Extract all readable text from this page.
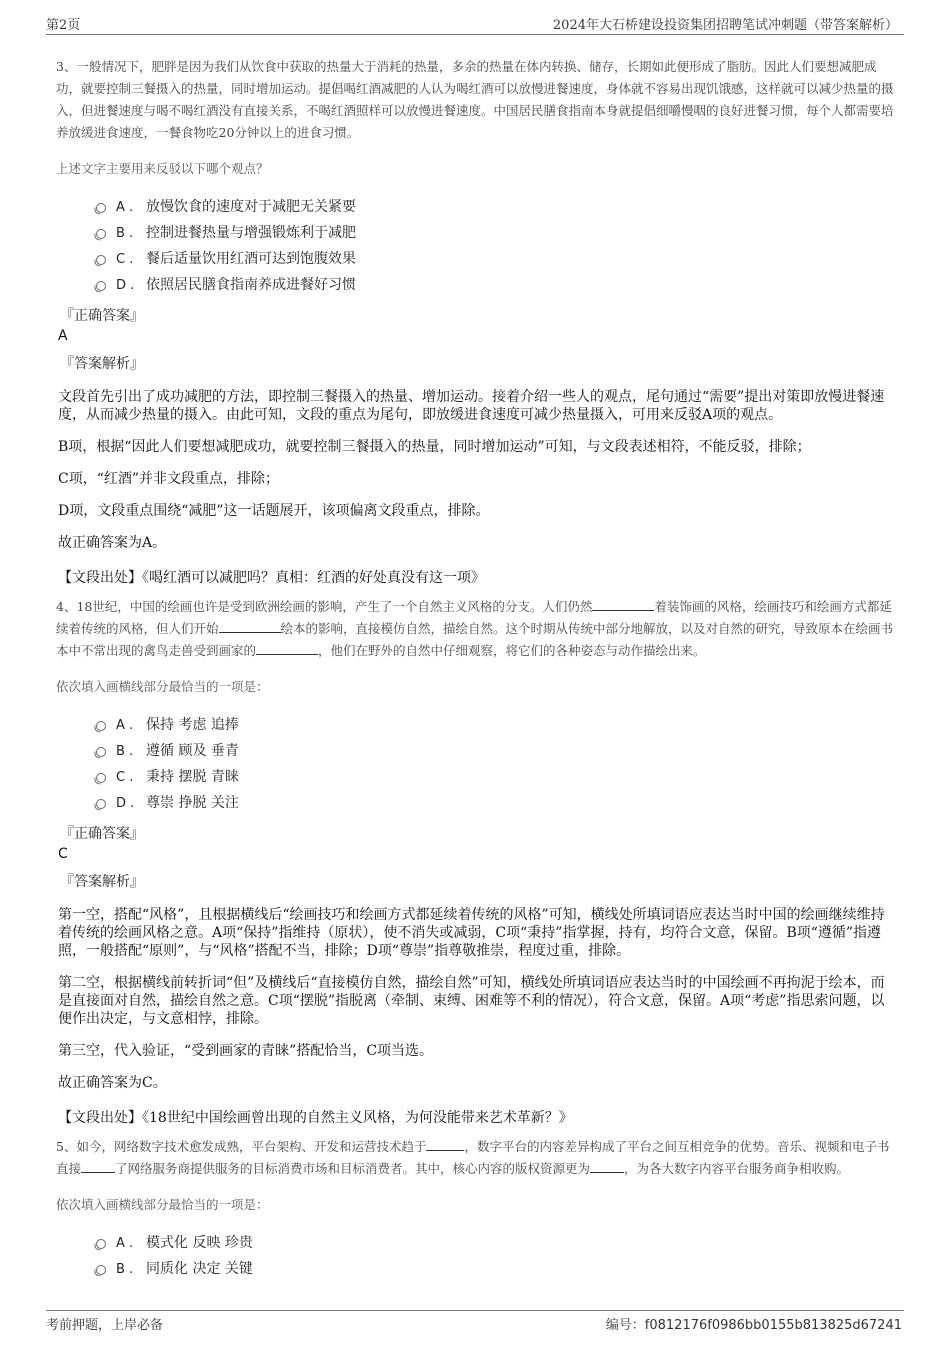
第2页	2024年大石桥建设投资集团招聘笔试冲刺题（带答案解析）

3、一般情况下，肥胖是因为我们从饮食中获取的热量大于消耗的热量，多余的热量在体内转换、储存，长期如此便形成了脂肪。因此人们要想减肥成功，就要控制三餐摄入的热量，同时增加运动。提倡喝红酒减肥的人认为喝红酒可以放慢进餐速度，身体就不容易出现饥饿感，这样就可以减少热量的摄入，但进餐速度与喝不喝红酒没有直接关系，不喝红酒照样可以放慢进餐速度。中国居民膳食指南本身就提倡细嚼慢咽的良好进餐习惯，每个人都需要培养放缓进食速度，一餐食物吃20分钟以上的进食习惯。

上述文字主要用来反驳以下哪个观点？

A . 放慢饮食的速度对于减肥无关紧要
B . 控制进餐热量与增强锻炼利于减肥
C . 餐后适量饮用红酒可达到饱腹效果
D . 依照居民膳食指南养成进餐好习惯
『正确答案』
A
『答案解析』

文段首先引出了成功减肥的方法，即控制三餐摄入的热量、增加运动。接着介绍一些人的观点，尾句通过“需要”提出对策即放慢进餐速度，从而减少热量的摄入。由此可知，文段的重点为尾句，即放缓进食速度可减少热量摄入，可用来反驳A项的观点。

B项，根据“因此人们要想减肥成功，就要控制三餐摄入的热量，同时增加运动”可知，与文段表述相符，不能反驳，排除；

C项，“红酒”并非文段重点，排除；

D项，文段重点围绕“减肥”这一话题展开，该项偏离文段重点，排除。

故正确答案为A。

【文段出处】《喝红酒可以减肥吗？真相：红酒的好处真没有这一项》

4、18世纪，中国的绘画也许是受到欧洲绘画的影响，产生了一个自然主义风格的分支。人们仍然	着装饰画的风格，绘画技巧和绘画方式都延续着传统的风格，但人们开始	绘本的影响，直接模仿自然，描绘自然。这个时期从传统中部分地解放，以及对自然的研究，导致原本在绘画书本中不常出现的禽鸟走兽受到画家的	，他们在野外的自然中仔细观察，将它们的各种姿态与动作描绘出来。

依次填入画横线部分最恰当的一项是：

A . 保持 考虑 追捧
B . 遵循 顾及 垂青
C . 秉持 摆脱 青睐
D . 尊崇 挣脱 关注
『正确答案』
C
『答案解析』

第一空，搭配“风格”，且根据横线后“绘画技巧和绘画方式都延续着传统的风格”可知，横线处所填词语应表达当时中国的绘画继续维持着传统的绘画风格之意。A项“保持”指维持（原状），使不消失或减弱，C项“秉持”指掌握，持有，均符合文意，保留。B项“遵循”指遵照，一般搭配“原则”，与“风格”搭配不当，排除；D项“尊崇”指尊敬推崇，程度过重，排除。

第二空，根据横线前转折词“但”及横线后“直接模仿自然，描绘自然”可知，横线处所填词语应表达当时的中国绘画不再拘泥于绘本，而是直接面对自然，描绘自然之意。C项“摆脱”指脱离（牵制、束缚、困难等不利的情况），符合文意，保留。A项“考虑”指思索问题，以便作出决定，与文意相悖，排除。

第三空，代入验证，“受到画家的青睐”搭配恰当，C项当选。

故正确答案为C。

【文段出处】《18世纪中国绘画曾出现的自然主义风格，为何没能带来艺术革新？》

5、如今，网络数字技术愈发成熟，平台架构、开发和运营技术趋于	，数字平台的内容差异构成了平台之间互相竞争的优势。音乐、视频和电子书直接	了网络服务商提供服务的目标消费市场和目标消费者。其中，核心内容的版权资源更为	，为各大数字内容平台服务商争相收购。

依次填入画横线部分最恰当的一项是：

A . 模式化 反映 珍贵
B . 同质化 决定 关键
考前押题，上岸必备	编号：f0812176f0986bb0155b813825d67241
